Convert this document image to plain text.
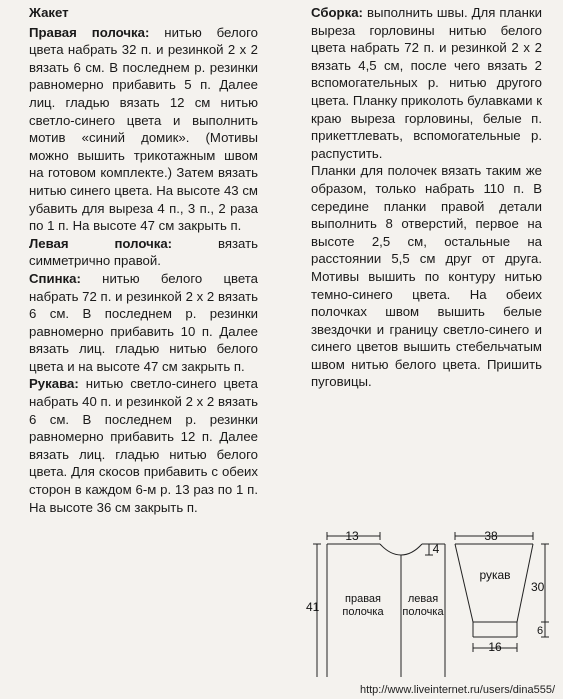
Жакет

Правая полочка: нитью белого цвета набрать 32 п. и резинкой 2 х 2 вязать 6 см. В последнем р. резинки равномерно прибавить 5 п. Далее лиц. гладью вязать 12 см нитью светло-синего цвета и выполнить мотив «синий домик». (Мотивы можно вышить трикотажным швом на готовом комплекте.) Затем вязать нитью синего цвета. На высоте 43 см убавить для выреза 4 п., 3 п., 2 раза по 1 п. На высоте 47 см закрыть п.

Левая полочка:	вязать симметрично правой.

Спинка: нитью белого цвета набрать 72 п. и резинкой 2 х 2 вязать 6 см. В последнем р. резинки равномерно прибавить 10 п. Далее вязать лиц. гладью нитью белого цвета и на высоте 47 см закрыть п.

Рукава: нитью светло-синего цвета набрать 40 п. и резинкой 2 х 2 вязать 6 см. В последнем р. резинки равномерно прибавить 12 п. Далее вязать лиц. гладью нитью белого цвета. Для скосов прибавить с обеих сторон в каждом 6-м р. 13 раз по 1 п. На высоте 36 см закрыть п.

Сборка: выполнить швы. Для планки выреза горловины нитью белого цвета набрать 72 п. и резинкой 2 х 2 вязать 4,5 см, после чего вязать 2 вспомогательных р. нитью другого цвета. Планку приколоть булавками к краю выреза горловины, белые п. прикеттлевать, вспомогательные р. распустить.

Планки для полочек вязать таким же образом, только набрать 110 п. В середине планки правой детали выполнить 8 отверстий, первое на высоте 2,5 см, остальные на расстоянии 5,5 см друг от друга. Мотивы вышить по контуру нитью темно-синего цвета. На обеих полочках швом вышить белые звездочки и границу светло-синего и синего цветов вышить стебельчатым швом нитью белого цвета. Пришить пуговицы.

13
4
41
правая
полочка
левая
полочка
38
рукав
30
6
16
http://www.liveinternet.ru/users/dina555/
